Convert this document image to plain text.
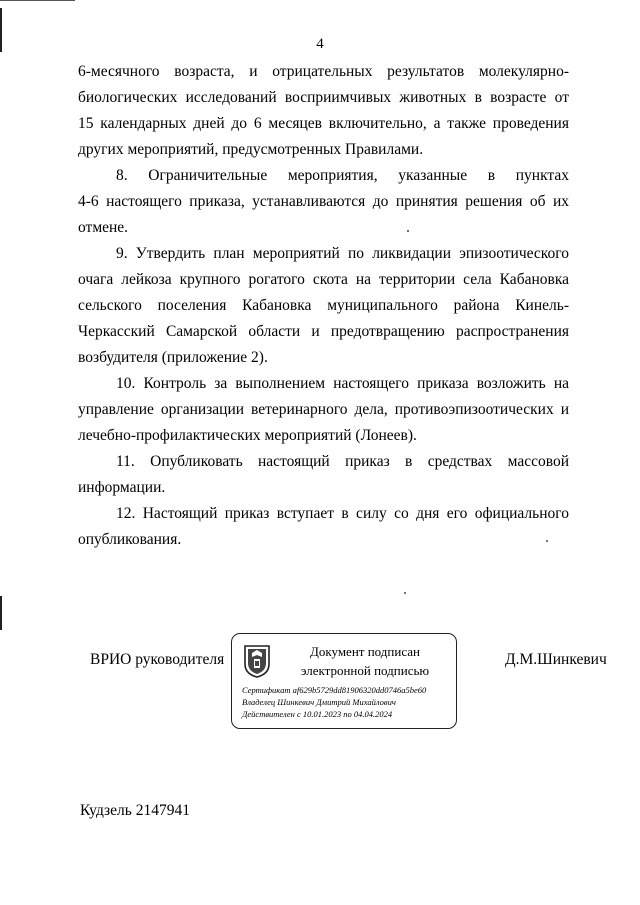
4
6-месячного возраста, и отрицательных результатов молекулярно-
биологических исследований восприимчивых животных в возрасте от
15 календарных дней до 6 месяцев включительно, а также проведения
других мероприятий, предусмотренных Правилами.
8. Ограничительные мероприятия, указанные в пунктах
4-6 настоящего приказа, устанавливаются до принятия решения об их
отмене.
9. Утвердить план мероприятий по ликвидации эпизоотического
очага лейкоза крупного рогатого скота на территории села Кабановка
сельского поселения Кабановка муниципального района Кинель-
Черкасский Самарской области и предотвращению распространения
возбудителя (приложение 2).
10. Контроль за выполнением настоящего приказа возложить на
управление организации ветеринарного дела, противоэпизоотических и
лечебно-профилактических мероприятий (Лонеев).
11. Опубликовать настоящий приказ в средствах массовой
информации.
12. Настоящий приказ вступает в силу со дня его официального
опубликования.
ВРИО руководителя	Документ подписан
электронной подписью
Сертификат af629b5729dd81906320dd0746a5be60
Владелец Шинкевич Дмитрий Михайлович
Действителен с 10.01.2023 по 04.04.2024
Д.М.Шинкевич
Кудзель 2147941
